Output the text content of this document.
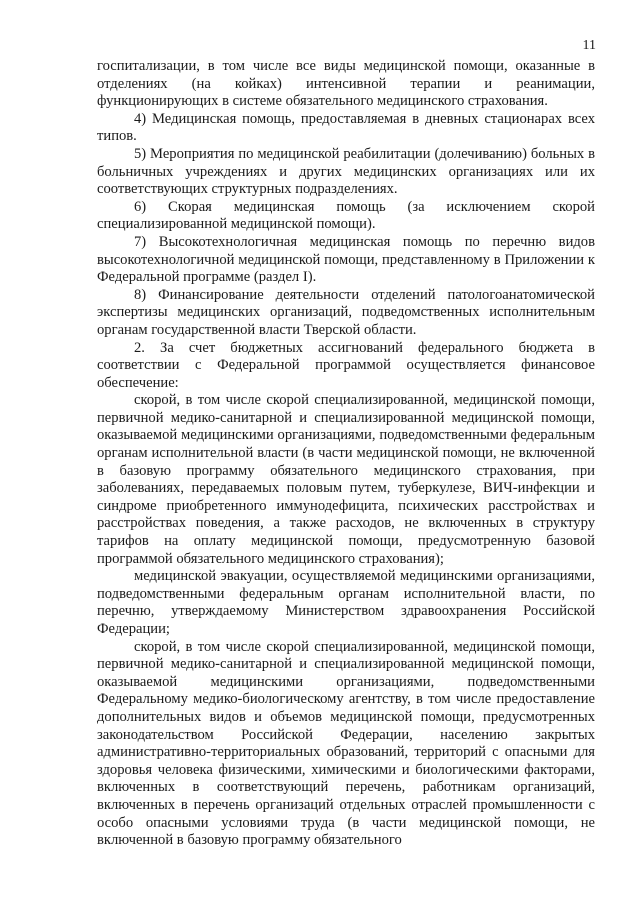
11

госпитализации, в том числе все виды медицинской помощи, оказанные в отделениях (на койках) интенсивной терапии и реанимации, функционирующих в системе обязательного медицинского страхования.

4) Медицинская помощь, предоставляемая в дневных стационарах всех типов.

5) Мероприятия по медицинской реабилитации (долечиванию) больных в больничных учреждениях и других медицинских организациях или их соответствующих структурных подразделениях.

6) Скорая медицинская помощь (за исключением скорой специализированной медицинской помощи).

7) Высокотехнологичная медицинская помощь по перечню видов высокотехнологичной медицинской помощи, представленному в Приложении к Федеральной программе (раздел I).

8) Финансирование деятельности отделений патологоанатомической экспертизы медицинских организаций, подведомственных исполнительным органам государственной власти Тверской области.

2. За счет бюджетных ассигнований федерального бюджета в соответствии с Федеральной программой осуществляется финансовое обеспечение:

скорой, в том числе скорой специализированной, медицинской помощи, первичной медико-санитарной и специализированной медицинской помощи, оказываемой медицинскими организациями, подведомственными федеральным органам исполнительной власти (в части медицинской помощи, не включенной в базовую программу обязательного медицинского страхования, при заболеваниях, передаваемых половым путем, туберкулезе, ВИЧ-инфекции и синдроме приобретенного иммунодефицита, психических расстройствах и расстройствах поведения, а также расходов, не включенных в структуру тарифов на оплату медицинской помощи, предусмотренную базовой программой обязательного медицинского страхования);

медицинской эвакуации, осуществляемой медицинскими организациями, подведомственными федеральным органам исполнительной власти, по перечню, утверждаемому Министерством здравоохранения Российской Федерации;

скорой, в том числе скорой специализированной, медицинской помощи, первичной медико-санитарной и специализированной медицинской помощи, оказываемой медицинскими организациями, подведомственными Федеральному медико-биологическому агентству, в том числе предоставление дополнительных видов и объемов медицинской помощи, предусмотренных законодательством Российской Федерации, населению закрытых административно-территориальных образований, территорий с опасными для здоровья человека физическими, химическими и биологическими факторами, включенных в соответствующий перечень, работникам организаций, включенных в перечень организаций отдельных отраслей промышленности с особо опасными условиями труда (в части медицинской помощи, не включенной в базовую программу обязательного
